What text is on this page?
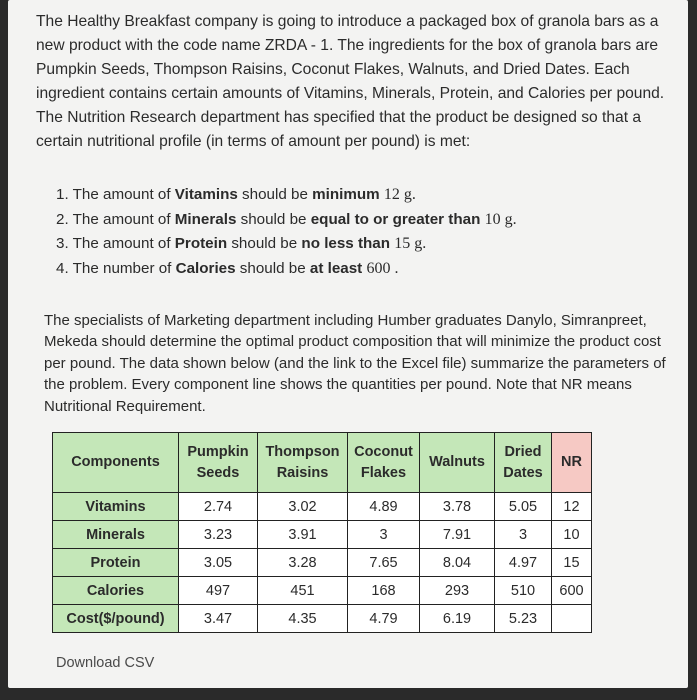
The Healthy Breakfast company is going to introduce a packaged box of granola bars as a new product with the code name ZRDA - 1. The ingredients for the box of granola bars are Pumpkin Seeds, Thompson Raisins, Coconut Flakes, Walnuts, and Dried Dates. Each ingredient contains certain amounts of Vitamins, Minerals, Protein, and Calories per pound. The Nutrition Research department has specified that the product be designed so that a certain nutritional profile (in terms of amount per pound) is met:

1. The amount of Vitamins should be minimum 12 g.
2. The amount of Minerals should be equal to or greater than 10 g.
3. The amount of Protein should be no less than 15 g.
4. The number of Calories should be at least 600 .

The specialists of Marketing department including Humber graduates Danylo, Simranpreet, Mekeda should determine the optimal product composition that will minimize the product cost per pound. The data shown below (and the link to the Excel file) summarize the parameters of the problem. Every component line shows the quantities per pound. Note that NR means Nutritional Requirement.

Components	Pumpkin Seeds	Thompson Raisins	Coconut Flakes	Walnuts	Dried Dates	NR
Vitamins	2.74	3.02	4.89	3.78	5.05	12
Minerals	3.23	3.91	3	7.91	3	10
Protein	3.05	3.28	7.65	8.04	4.97	15
Calories	497	451	168	293	510	600
Cost($/pound)	3.47	4.35	4.79	6.19	5.23	
Download CSV
